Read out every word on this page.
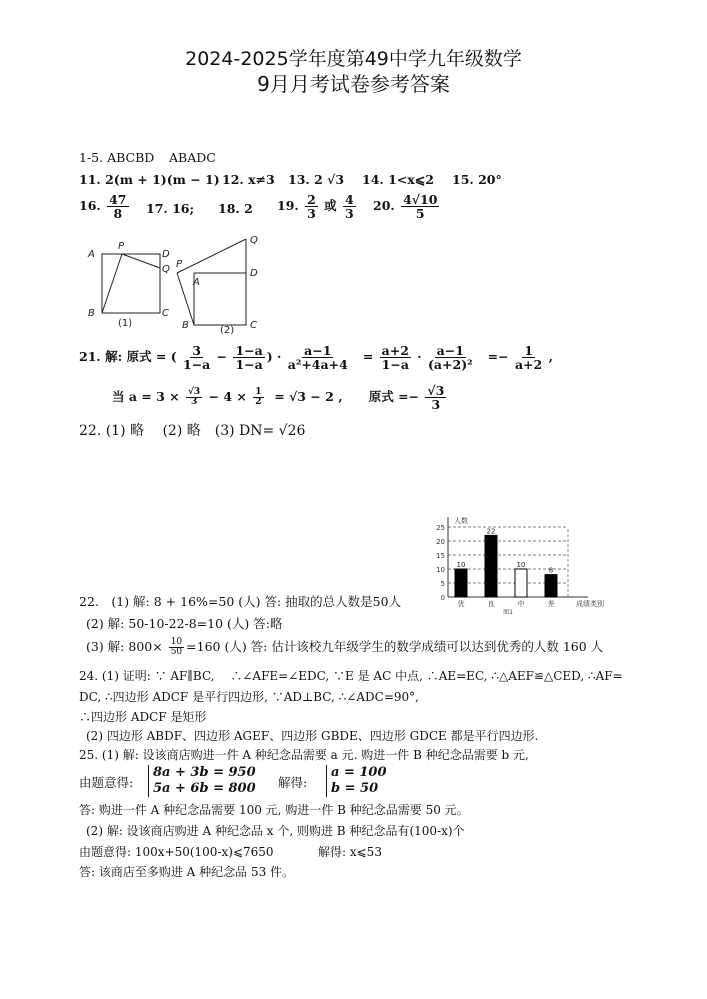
2024-2025学年度第49中学九年级数学
9月月考试卷参考答案
1-5. ABCBD ABADC
11. 2(m + 1)(m − 1) 12. x≠3 13. 2 √3 14. 1<x⩽2 15. 20°
16. $\frac{47}{8} 17$. 16; 18. 2 19. $\frac{2}{3}$ 或 $\frac{4}{3} 20$. $\frac{4√10}{5}$
A
P
D
Q
B	C
(1)
P
A
Q
D
B	C
(2)
21. 解: 原式 = ( $\frac{3}{1-a} - \frac{1-a}{1-a}$ ) · $\frac{a-1}{\text{a²+4a+4}} = \frac{a+2}{1-a} \cdot \frac{a-1}{\text{(a+2)²}} =- \frac{1}{a+2}$ ,
当 $a = 3 \times \frac{√3}{3} - 4 \times \frac{1}{2} = √3 - 2$ , 原式 =− $\frac{√3}{3}$
22. (1) 略　 (2) 略　(3) DN= √26
0
5
10
15
20
25
人数
成绩类别
图1
10
优
22
良
10
中
8
差
22.　(1) 解: 8 + 16%=50 (人) 答: 抽取的总人数是50人
(2) 解: 50-10-22-8=10 (人) 答:略
(3) 解: $800\times \frac{10}{50} =160$ (人) 答: 估计该校九年级学生的数学成绩可以达到优秀的人数 160 人
24. (1) 证明: ∵ AF∥BC,　 ∴∠AFE=∠EDC, ∵E 是 AC 中点, ∴AE=EC, ∴△AEF≌△CED, ∴AF=
DC, ∴四边形 ADCF 是平行四边形, ∵AD⊥BC, ∴∠ADC=90°,
∴四边形 ADCF 是矩形
(2) 四边形 ABDF、四边形 AGEF、四边形 GBDE、四边形 GDCE 都是平行四边形.
25. (1) 解: 设该商店购进一件 A 种纪念品需要 a 元. 购进一件 B 种纪念品需要 b 元,
由题意得:
8a + 3b = 950
5a + 6b = 800 解得:
a = 100
b = 50
答: 购进一件 A 种纪念品需要 100 元, 购进一件 B 种纪念品需要 50 元。
(2) 解: 设该商店购进 A 种纪念品 x 个, 则购进 B 种纪念品有(100-x)个
由题意得: 100x+50(100-x)⩽7650	解得: x⩽53
答: 该商店至多购进 A 种纪念品 53 件。
